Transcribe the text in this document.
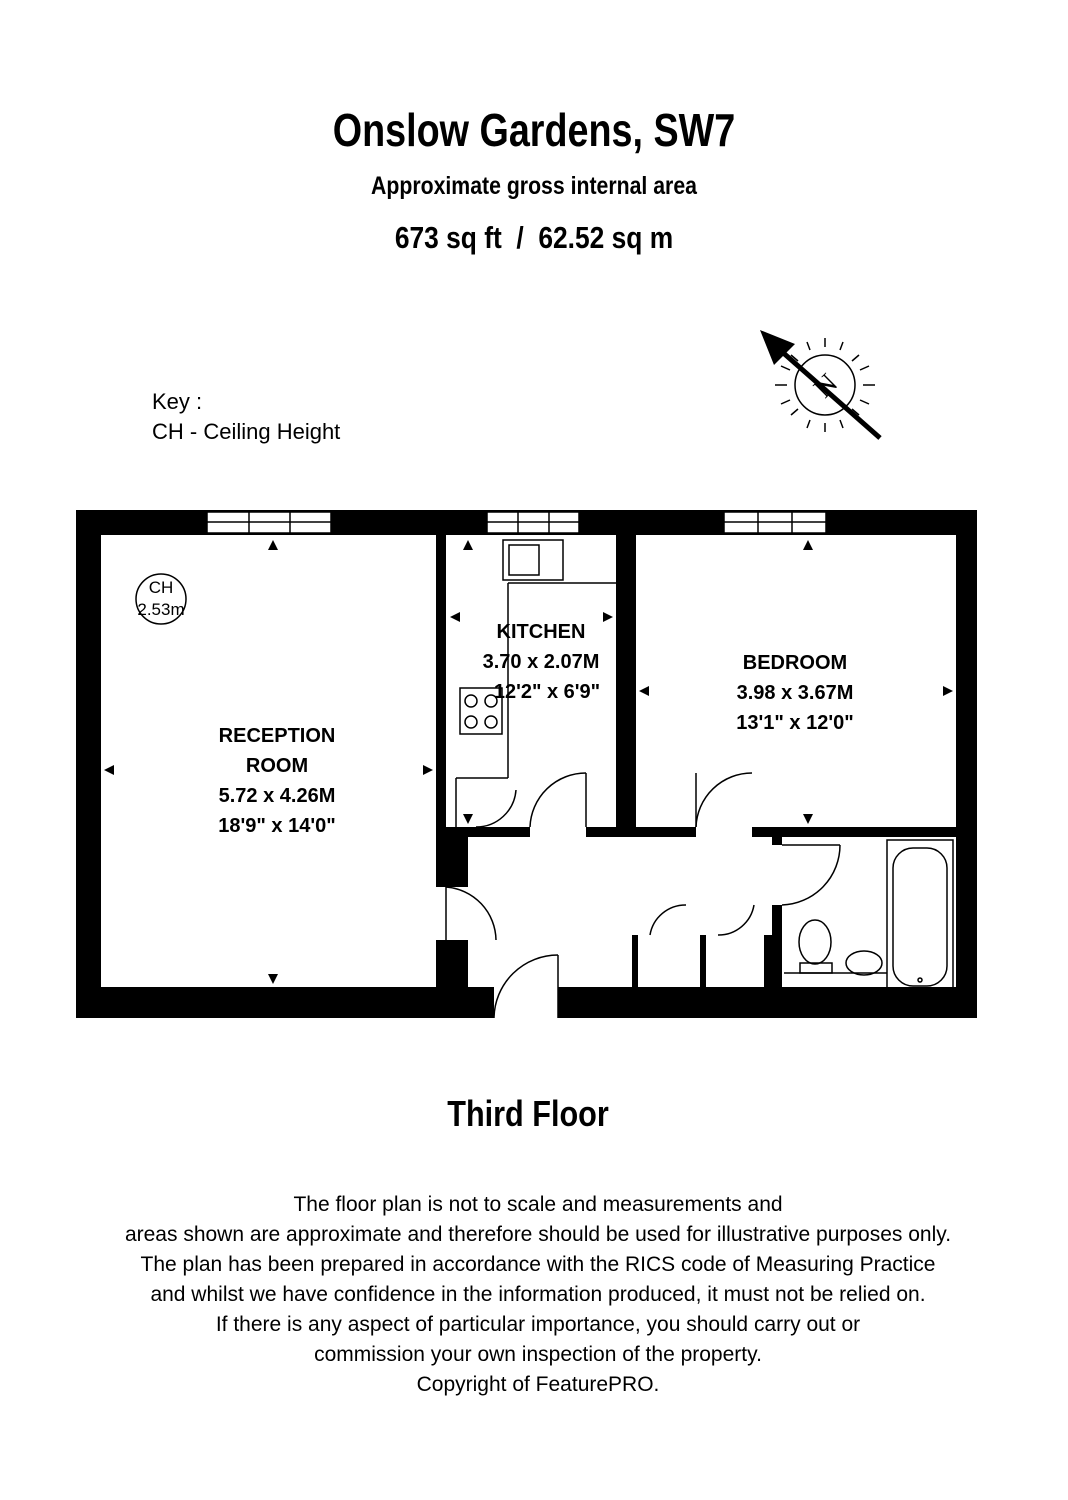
Onslow Gardens, SW7
Approximate gross internal area
673 sq ft  /  62.52 sq m
Key :
CH - Ceiling Height
N
CH
2.53m
RECEPTION
ROOM
5.72 x 4.26M
18'9" x 14'0"
KITCHEN
3.70 x 2.07M
12'2" x 6'9"
BEDROOM
3.98 x 3.67M
13'1" x 12'0"
Third Floor
The floor plan is not to scale and measurements and
areas shown are approximate and therefore should be used for illustrative purposes only.
The plan has been prepared in accordance with the RICS code of Measuring Practice
and whilst we have confidence in the information produced, it must not be relied on.
If there is any aspect of particular importance, you should carry out or
commission your own inspection of the property.
Copyright of FeaturePRO.
